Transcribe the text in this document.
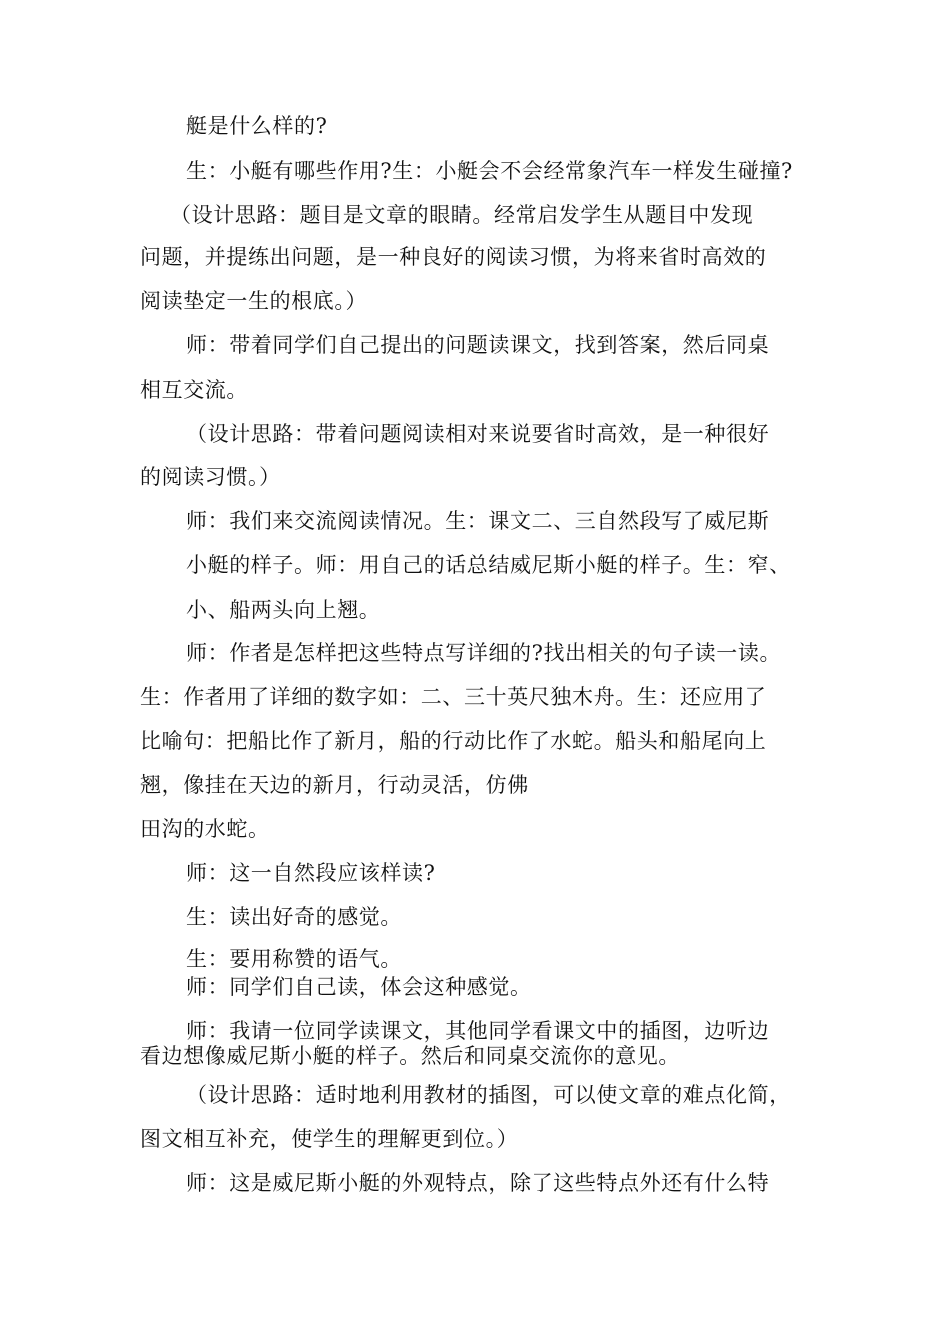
艇是什么样的?
生：小艇有哪些作用?生：小艇会不会经常象汽车一样发生碰撞?
（设计思路：题目是文章的眼睛。经常启发学生从题目中发现
问题，并提练出问题，是一种良好的阅读习惯，为将来省时高效的
阅读垫定一生的根底。）
师：带着同学们自己提出的问题读课文，找到答案，然后同桌
相互交流。
（设计思路：带着问题阅读相对来说要省时高效，是一种很好
的阅读习惯。）
师：我们来交流阅读情况。生：课文二、三自然段写了威尼斯
小艇的样子。师：用自己的话总结威尼斯小艇的样子。生：窄、
小、船两头向上翘。
师：作者是怎样把这些特点写详细的?找出相关的句子读一读。
生：作者用了详细的数字如：二、三十英尺独木舟。生：还应用了
比喻句：把船比作了新月，船的行动比作了水蛇。船头和船尾向上
翘，像挂在天边的新月，行动灵活，仿佛
田沟的水蛇。
师：这一自然段应该样读?
生：读出好奇的感觉。
生：要用称赞的语气。
师：同学们自己读，体会这种感觉。
师：我请一位同学读课文，其他同学看课文中的插图，边听边
看边想像威尼斯小艇的样子。然后和同桌交流你的意见。
（设计思路：适时地利用教材的插图，可以使文章的难点化简，
图文相互补充，使学生的理解更到位。）
师：这是威尼斯小艇的外观特点，除了这些特点外还有什么特
